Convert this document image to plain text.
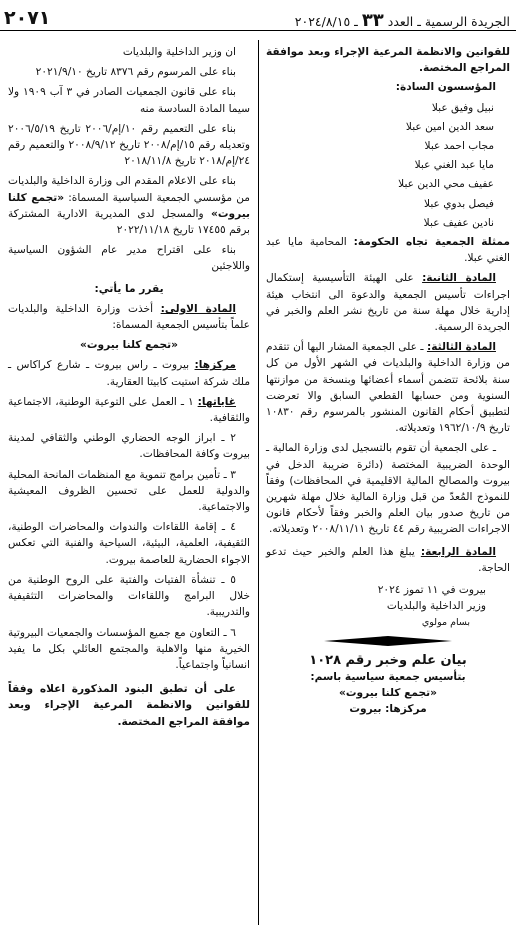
٢٠٧١	الجريدة الرسمية ـ العدد ٣٣ ـ ٢٠٢٤/٨/١٥

للقوانين والانظمة المرعية الإجراء وبعد موافقة المراجع المختصة.

المؤسسون السادة:

نبيل وفيق عبلا

سعد الدين امين عبلا

مجاب احمد عبلا

مايا عبد الغني عبلا

عفيف محي الدين عبلا

فيصل بدوي عبلا

نادين عفيف عبلا

ممثلة الجمعية تجاه الحكومة: المحامية مايا عبد الغني عبلا.

المادة الثانية: على الهيئة التأسيسية إستكمال اجراءات تأسيس الجمعية والدعوة الى انتخاب هيئة إدارية خلال مهلة سنة من تاريخ نشر العلم والخبر في الجريدة الرسمية.

المادة الثالثة: ـ على الجمعية المشار اليها أن تتقدم من وزارة الداخلية والبلديات في الشهر الأول من كل سنة بلائحة تتضمن أسماء أعضائها وبنسخة من موازنتها السنوية ومن حسابها القطعي السابق والا تعرضت لتطبيق أحكام القانون المنشور بالمرسوم رقم ١٠٨٣٠ تاريخ ١٩٦٢/١٠/٩ وتعديلاته.

ـ على الجمعية أن تقوم بالتسجيل لدى وزارة المالية ـ الوحدة الضريبية المختصة (دائرة ضريبة الدخل في بيروت والمصالح المالية الاقليمية في المحافظات) وفقاً للنموذج المُعدّ من قبل وزارة المالية خلال مهلة شهرين من تاريخ صدور بيان العلم والخبر وفقاً لأحكام قانون الاجراءات الضريبية رقم ٤٤ تاريخ ٢٠٠٨/١١/١١ وتعديلاته.

المادة الرابعة: يبلغ هذا العلم والخبر حيث تدعو الحاجة.

بيروت في ١١ تموز ٢٠٢٤

وزير الداخلية والبلديات

بسام مولوي

بيان علم وخبر رقم ١٠٢٨

بتأسيس جمعية سياسية باسم:

«تجمع كلنا بيروت»

مركزها: بيروت

ان وزير الداخلية والبلديات

بناء على المرسوم رقم ٨٣٧٦ تاريخ ٢٠٢١/٩/١٠

بناء على قانون الجمعيات الصادر في ٣ آب ١٩٠٩ ولا سيما المادة السادسة منه

بناء على التعميم رقم ١٠/إم/٢٠٠٦ تاريخ ٢٠٠٦/٥/١٩ وتعديله رقم ١٥/إم/٢٠٠٨ تاريخ ٢٠٠٨/٩/١٢ والتعميم رقم ٢٤/إم/٢٠١٨ تاريخ ٢٠١٨/١١/٨

بناء على الاعلام المقدم الى وزارة الداخلية والبلديات من مؤسسي الجمعية السياسية المسماة: «تجمع كلنا بيروت» والمسجل لدى المديرية الادارية المشتركة برقم ١٧٤٥٥ تاريخ ٢٠٢٢/١١/١٨

بناء على اقتراح مدير عام الشؤون السياسية واللاجئين

يقرر ما يأتي:

المادة الاولى: أخذت وزارة الداخلية والبلديات علماً بتأسيس الجمعية المسماة:

«تجمع كلنا بيروت»

مركزها: بيروت ـ راس بيروت ـ شارع كراكاس ـ ملك شركة استيت كابيتا العقارية.

غاياتها: ١ ـ العمل على التوعية الوطنية، الاجتماعية والثقافية.

٢ ـ ابراز الوجه الحضاري الوطني والثقافي لمدينة بيروت وكافة المحافظات.

٣ ـ تأمين برامج تنموية مع المنظمات المانحة المحلية والدولية للعمل على تحسين الظروف المعيشية والاجتماعية.

٤ ـ إقامة اللقاءات والندوات والمحاضرات الوطنية، الثقيفية، العلمية، البيئية، السياحية والفنية التي تعكس الاجواء الحضارية للعاصمة بيروت.

٥ ـ تنشأة الفتيات والفتية على الروح الوطنية من خلال البرامج واللقاءات والمحاضرات التثقيفية والتدريبية.

٦ ـ التعاون مع جميع المؤسسات والجمعيات البيروتية الخيرية منها والاهلية والمجتمع العائلي بكل ما يفيد انسانياً واجتماعياً.

على أن تطبق البنود المذكورة اعلاه وفقاً للقوانين والانظمة المرعية الإجراء وبعد موافقة المراجع المختصة.
